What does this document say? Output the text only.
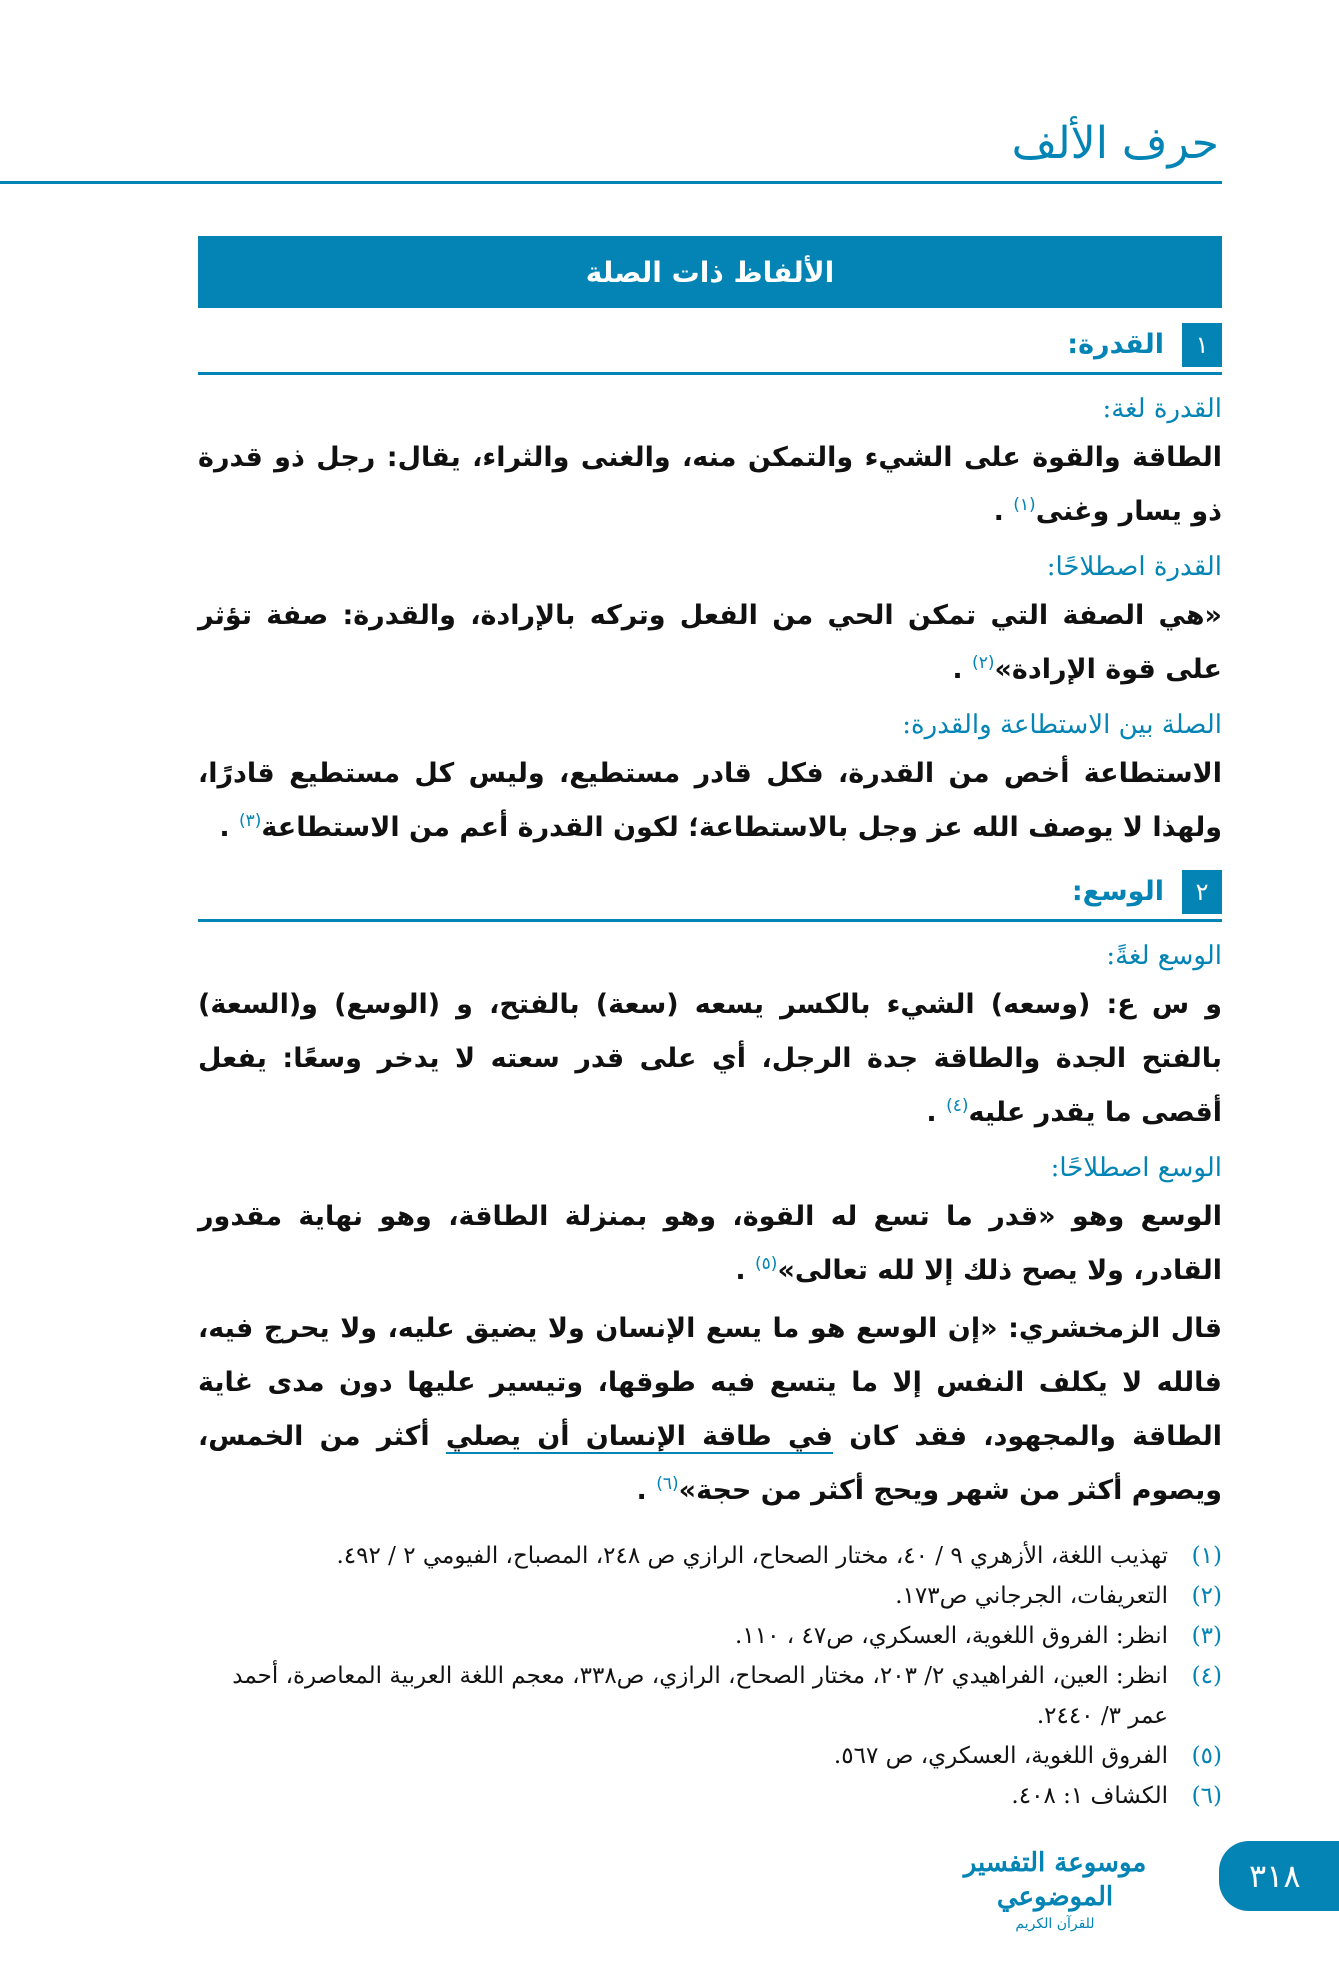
حرف الألف
الألفاظ ذات الصلة
١
القدرة:
القدرة لغة:
الطاقة والقوة على الشيء والتمكن منه، والغنى والثراء، يقال: رجل ذو قدرة ذو يسار وغنى$^{(١)}$ .
القدرة اصطلاحًا:
«هي الصفة التي تمكن الحي من الفعل وتركه بالإرادة، والقدرة: صفة تؤثر على قوة الإرادة»$^{(٢)}$ .
الصلة بين الاستطاعة والقدرة:
الاستطاعة أخص من القدرة، فكل قادر مستطيع، وليس كل مستطيع قادرًا، ولهذا لا يوصف الله عز وجل بالاستطاعة؛ لكون القدرة أعم من الاستطاعة$^{(٣)}$ .
٢
الوسع:
الوسع لغةً:
و س ع: (وسعه) الشيء بالكسر يسعه (سعة) بالفتح، و (الوسع) و(السعة) بالفتح الجدة والطاقة جدة الرجل، أي على قدر سعته لا يدخر وسعًا: يفعل أقصى ما يقدر عليه$^{(٤)}$ .
الوسع اصطلاحًا:
الوسع وهو «قدر ما تسع له القوة، وهو بمنزلة الطاقة، وهو نهاية مقدور القادر، ولا يصح ذلك إلا لله تعالى»$^{(٥)}$ .
قال الزمخشري: «إن الوسع هو ما يسع الإنسان ولا يضيق عليه، ولا يحرج فيه، فالله لا يكلف النفس إلا ما يتسع فيه طوقها، وتيسير عليها دون مدى غاية الطاقة والمجهود، فقد كان في طاقة الإنسان أن يصلي أكثر من الخمس، ويصوم أكثر من شهر ويحج أكثر من حجة»$^{(٦)}$ .
(١)
تهذيب اللغة، الأزهري ٩ / ٤٠، مختار الصحاح، الرازي ص ٢٤٨، المصباح، الفيومي ٢ / ٤٩٢.
(٢)
التعريفات، الجرجاني ص١٧٣.
(٣)
انظر: الفروق اللغوية، العسكري، ص٤٧ ، ١١٠.
(٤)
انظر: العين، الفراهيدي ٢/ ٢٠٣، مختار الصحاح، الرازي، ص٣٣٨، معجم اللغة العربية المعاصرة، أحمد عمر ٣/ ٢٤٤٠.
(٥)
الفروق اللغوية، العسكري، ص ٥٦٧.
(٦)
الكشاف ١: ٤٠٨.
موسوعة التفسير الموضوعي
للقرآن الكريم
٣١٨
